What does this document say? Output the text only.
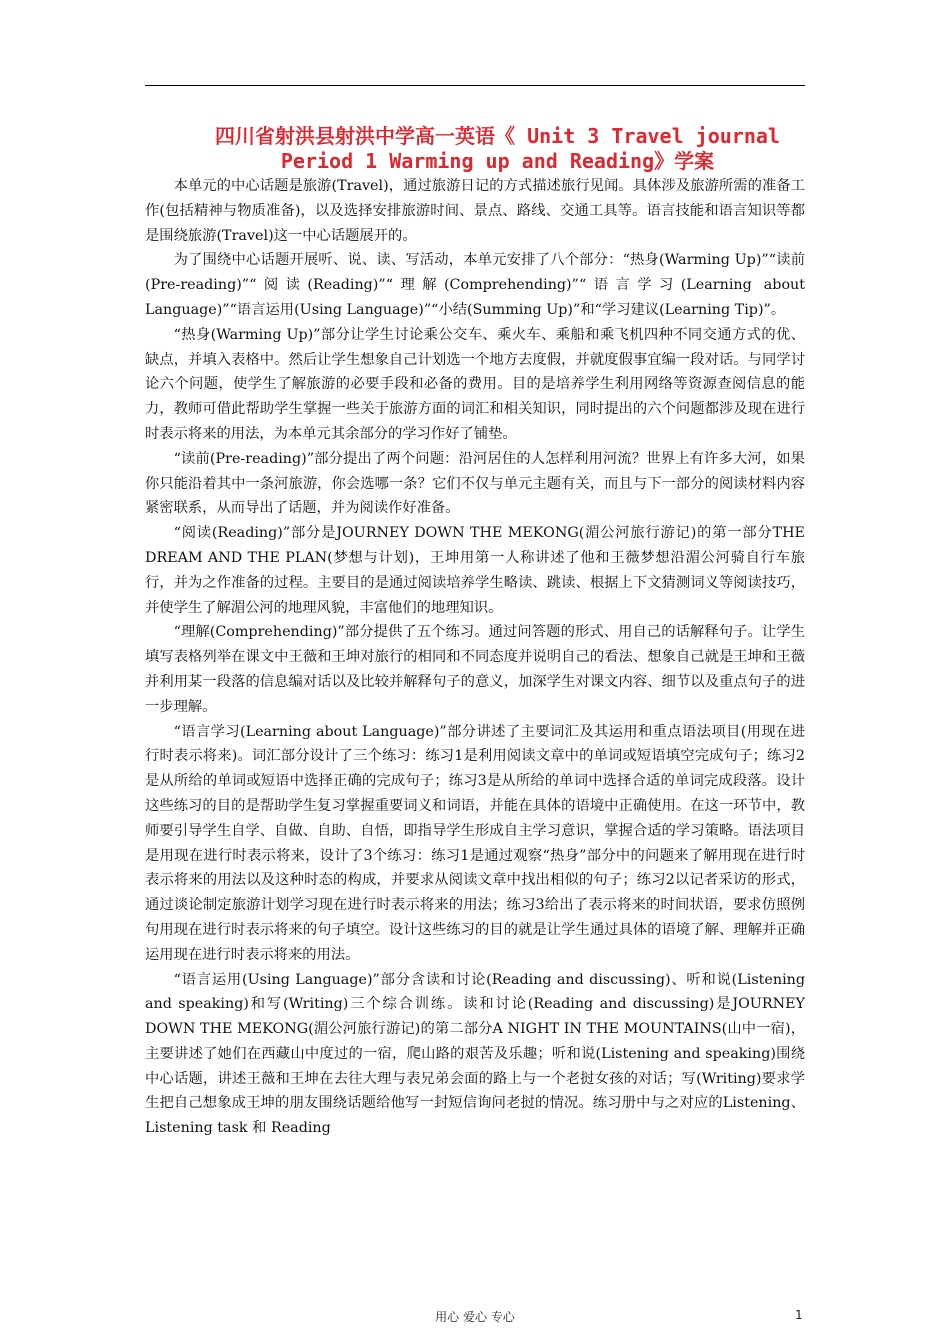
四川省射洪县射洪中学高一英语《 Unit 3 Travel journal
Period 1 Warming up and Reading》学案

本单元的中心话题是旅游(Travel)，通过旅游日记的方式描述旅行见闻。具体涉及旅游所需的准备工作(包括精神与物质准备)，以及选择安排旅游时间、景点、路线、交通工具等。语言技能和语言知识等都是围绕旅游(Travel)这一中心话题展开的。

为了围绕中心话题开展听、说、读、写活动，本单元安排了八个部分：“热身(Warming Up)”“读前(Pre-reading)”“阅读(Reading)”“理解(Comprehending)”“语言学习(Learning about Language)”“语言运用(Using Language)”“小结(Summing Up)”和“学习建议(Learning Tip)”。

“热身(Warming Up)”部分让学生讨论乘公交车、乘火车、乘船和乘飞机四种不同交通方式的优、缺点，并填入表格中。然后让学生想象自己计划选一个地方去度假，并就度假事宜编一段对话。与同学讨论六个问题，使学生了解旅游的必要手段和必备的费用。目的是培养学生利用网络等资源查阅信息的能力，教师可借此帮助学生掌握一些关于旅游方面的词汇和相关知识，同时提出的六个问题都涉及现在进行时表示将来的用法，为本单元其余部分的学习作好了铺垫。

“读前(Pre-reading)”部分提出了两个问题：沿河居住的人怎样利用河流？世界上有许多大河，如果你只能沿着其中一条河旅游，你会选哪一条？它们不仅与单元主题有关，而且与下一部分的阅读材料内容紧密联系，从而导出了话题，并为阅读作好准备。

“阅读(Reading)”部分是JOURNEY DOWN THE MEKONG(湄公河旅行游记)的第一部分THE DREAM AND THE PLAN(梦想与计划)，王坤用第一人称讲述了他和王薇梦想沿湄公河骑自行车旅行，并为之作准备的过程。主要目的是通过阅读培养学生略读、跳读、根据上下文猜测词义等阅读技巧，并使学生了解湄公河的地理风貌，丰富他们的地理知识。

“理解(Comprehending)”部分提供了五个练习。通过问答题的形式、用自己的话解释句子。让学生填写表格列举在课文中王薇和王坤对旅行的相同和不同态度并说明自己的看法、想象自己就是王坤和王薇并利用某一段落的信息编对话以及比较并解释句子的意义，加深学生对课文内容、细节以及重点句子的进一步理解。

“语言学习(Learning about Language)”部分讲述了主要词汇及其运用和重点语法项目(用现在进行时表示将来)。词汇部分设计了三个练习：练习1是利用阅读文章中的单词或短语填空完成句子；练习2是从所给的单词或短语中选择正确的完成句子；练习3是从所给的单词中选择合适的单词完成段落。设计这些练习的目的是帮助学生复习掌握重要词义和词语，并能在具体的语境中正确使用。在这一环节中，教师要引导学生自学、自做、自助、自悟，即指导学生形成自主学习意识，掌握合适的学习策略。语法项目是用现在进行时表示将来，设计了3个练习：练习1是通过观察“热身”部分中的问题来了解用现在进行时表示将来的用法以及这种时态的构成，并要求从阅读文章中找出相似的句子；练习2以记者采访的形式，通过谈论制定旅游计划学习现在进行时表示将来的用法；练习3给出了表示将来的时间状语，要求仿照例句用现在进行时表示将来的句子填空。设计这些练习的目的就是让学生通过具体的语境了解、理解并正确运用现在进行时表示将来的用法。

“语言运用(Using Language)”部分含读和讨论(Reading and discussing)、听和说(Listening and speaking)和写(Writing)三个综合训练。读和讨论(Reading and discussing)是JOURNEY DOWN THE MEKONG(湄公河旅行游记)的第二部分A NIGHT IN THE MOUNTAINS(山中一宿)，主要讲述了她们在西藏山中度过的一宿，爬山路的艰苦及乐趣；听和说(Listening and speaking)围绕中心话题，讲述王薇和王坤在去往大理与表兄弟会面的路上与一个老挝女孩的对话；写(Writing)要求学生把自己想象成王坤的朋友围绕话题给他写一封短信询问老挝的情况。练习册中与之对应的Listening、Listening task 和 Reading

用心 爱心 专心	1
